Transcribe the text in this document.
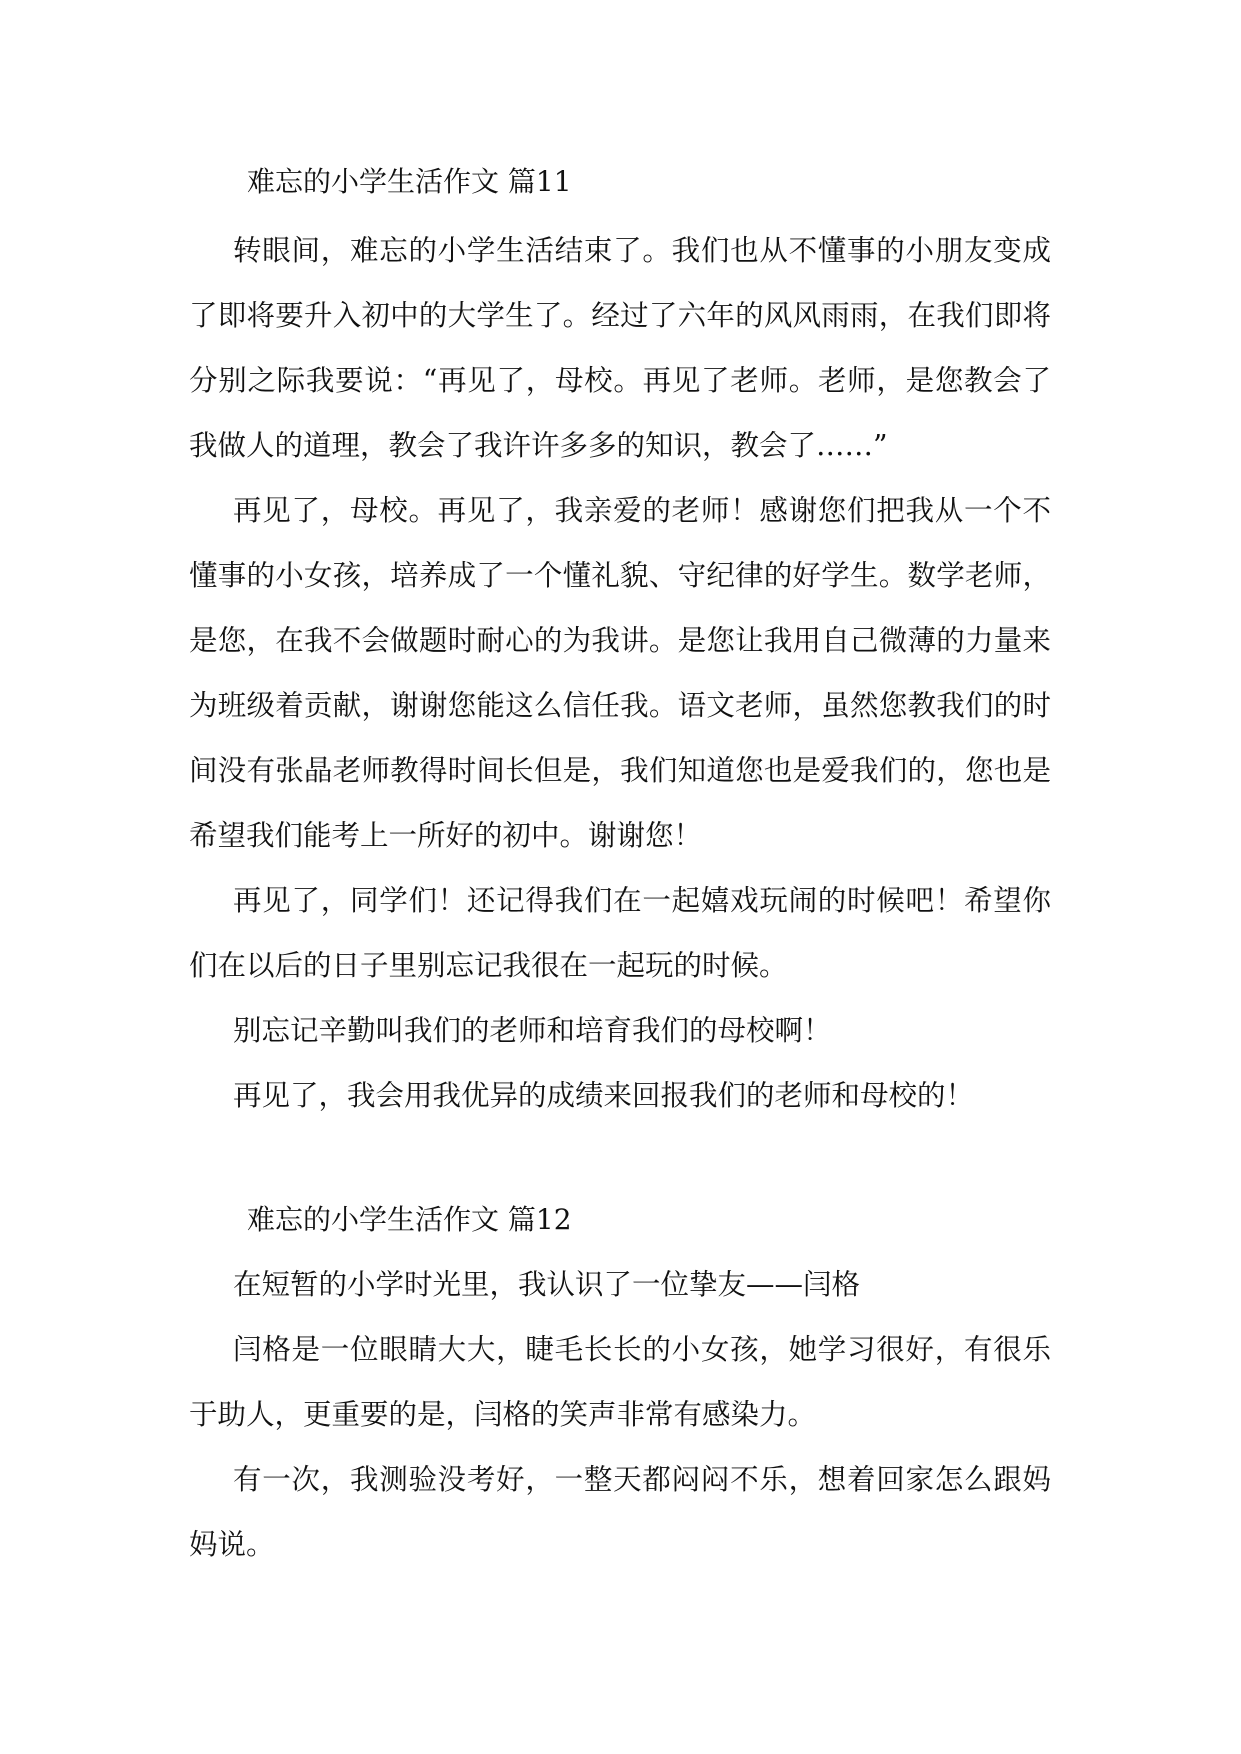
难忘的小学生活作文 篇11

转眼间，难忘的小学生活结束了。我们也从不懂事的小朋友变成了即将要升入初中的大学生了。经过了六年的风风雨雨，在我们即将分别之际我要说：“再见了，母校。再见了老师。老师，是您教会了我做人的道理，教会了我许许多多的知识，教会了……”

再见了，母校。再见了，我亲爱的老师！感谢您们把我从一个不懂事的小女孩，培养成了一个懂礼貌、守纪律的好学生。数学老师，是您，在我不会做题时耐心的为我讲。是您让我用自己微薄的力量来为班级着贡献，谢谢您能这么信任我。语文老师，虽然您教我们的时间没有张晶老师教得时间长但是，我们知道您也是爱我们的，您也是希望我们能考上一所好的初中。谢谢您！

再见了，同学们！还记得我们在一起嬉戏玩闹的时候吧！希望你们在以后的日子里别忘记我很在一起玩的时候。

别忘记辛勤叫我们的老师和培育我们的母校啊！

再见了，我会用我优异的成绩来回报我们的老师和母校的！

难忘的小学生活作文 篇12

在短暂的小学时光里，我认识了一位挚友——闫格

闫格是一位眼睛大大，睫毛长长的小女孩，她学习很好，有很乐于助人，更重要的是，闫格的笑声非常有感染力。

有一次，我测验没考好，一整天都闷闷不乐，想着回家怎么跟妈妈说。
